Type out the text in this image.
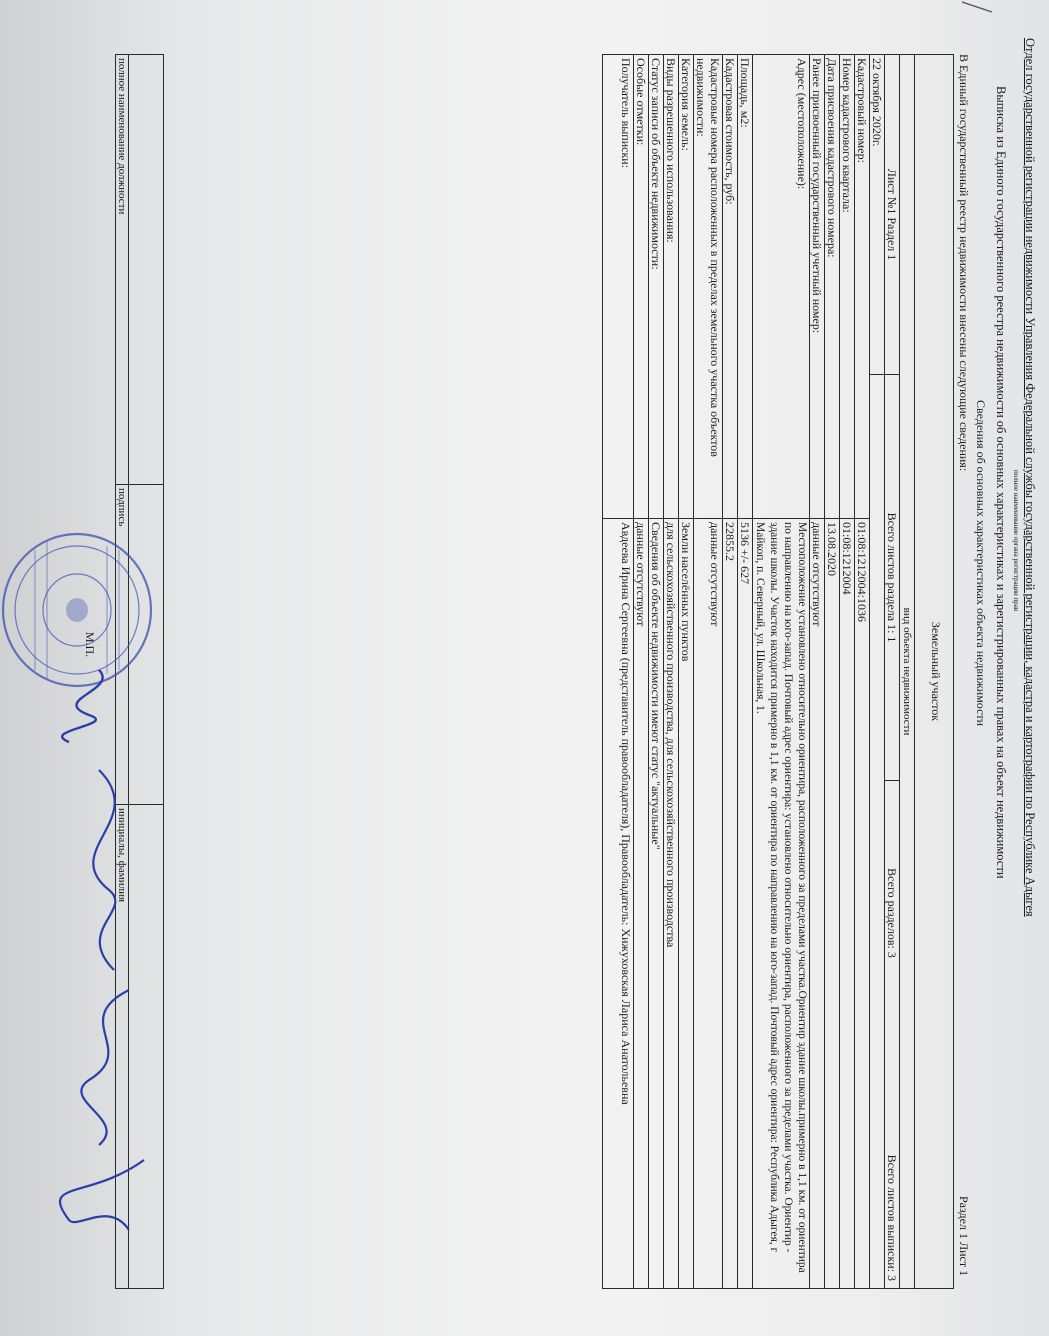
Отдел государственной регистрации недвижимости Управления Федеральной службы государственной регистрации, кадастра и картографии по Республике Адыгея
полное наименование органа регистрации прав
Выписка из Единого государственного реестра недвижимости об основных характеристиках и зарегистрированных правах на объект недвижимости
Сведения об основных характеристиках объекта недвижимости
Раздел 1 Лист 1
В Единый государственный реестр недвижимости внесены следующие сведения:
Земельный участок			
вид объекта недвижимости			
Лист №1 Раздел 1	Всего листов раздела 1: 1		Всего разделов: 3 Всего листов выписки: 3
22 октября 2020г.			
Кадастровый номер:		01:08:1212004:1036	
Номер кадастрового квартала:		01:08:1212004	
Дата присвоения кадастрового номера:		13.08.2020	
Ранее присвоенный государственный учетный номер:		данные отсутствуют	
Адрес (местоположение):		Местоположение установлено относительно ориентира, расположенного за пределами участка.Ориентир здание школы.примерно в 1,1 км. от ориентира по направлению на юго-запад. Почтовый адрес ориентира: установлено относительно ориентира, расположенного за пределами участка. Ориентир - здание школы. Участок находится примерно в 1,1 км. от ориентира по направлению на юго-запад. Почтовый адрес ориентира: Республика Адыгея, г Майкоп, п. Северный, ул. Школьная, 1.	
Площадь, м2:		5136 +/- 627	
Кадастровая стоимость, руб:		22855.2	
Кадастровые номера расположенных в пределах земельного участка объектов недвижимости:		данные отсутствуют	
Категория земель:		Земли населённых пунктов	
Виды разрешенного использования:		для сельскохозяйственного производства, для сельскохозяйственного производства	
Статус записи об объекте недвижимости:		Сведения об объекте недвижимости имеют статус "актуальные"	
Особые отметки:		данные отсутствуют	
Получатель выписки:		Авдеева Ирина Сергеевна (представитель правообладателя), Правообладатель: Хижуховская Лариса Анатольевна	

полное наименование должности	подпись	инициалы, фамилия
	М.П.	
